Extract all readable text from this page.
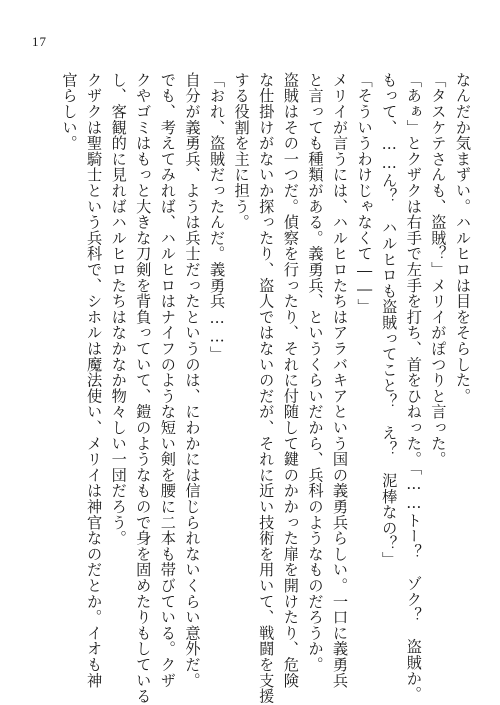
17
なんだか気まずい。ハルヒロは目をそらした。
「タスケテさんも、盗賊？」メリイがぽつりと言った。
「あぁ」とクザクは右手で左手を打ち、首をひねった。「……トー？　ゾク？　盗賊か。
もって、……ん？　ハルヒロも盗賊ってこと？　え？　泥棒なの？」
「そういうわけじゃなくて――」
メリイが言うには、ハルヒロたちはアラバキアという国の義勇兵らしい。一口に義勇兵
と言っても種類がある。義勇兵、というくらいだから、兵科のようなものだろうか。
盗賊はその一つだ。偵察を行ったり、それに付随して鍵のかかった扉を開けたり、危険
な仕掛けがないか探ったり、盗人ではないのだが、それに近い技術を用いて、戦闘を支援
する役割を主に担う。
「おれ、盗賊だったんだ。義勇兵……」
自分が義勇兵、ようは兵士だったというのは、にわかには信じられないくらい意外だ。
でも、考えてみれば、ハルヒロはナイフのような短い剣を腰に二本も帯びている。クザ
クやゴミはもっと大きな刀剣を背負っていて、鎧のようなもので身を固めたりもしている
し、客観的に見ればハルヒロたちはなかなか物々しい一団だろう。
クザクは聖騎士という兵科で、シホルは魔法使い、メリイは神官なのだとか。イオも神
官らしい。
